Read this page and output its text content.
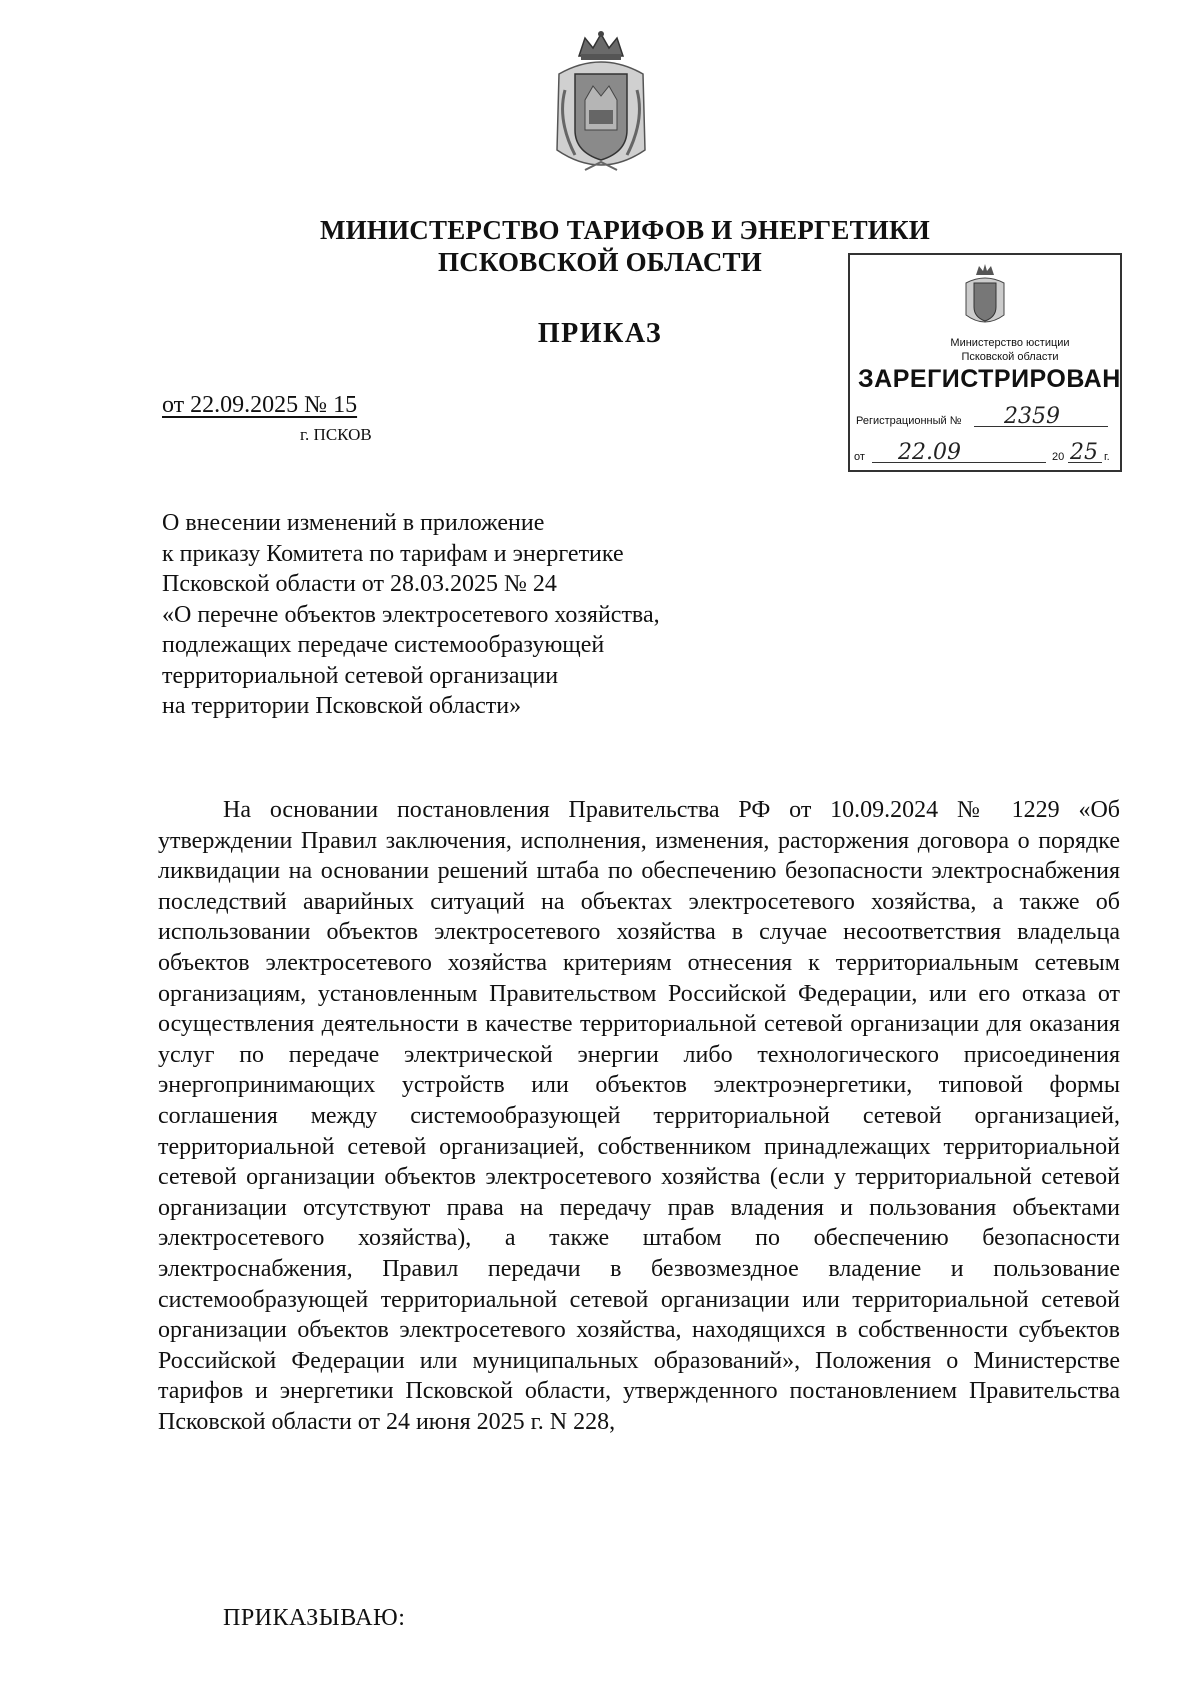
МИНИСТЕРСТВО ТАРИФОВ И ЭНЕРГЕТИКИ
ПСКОВСКОЙ ОБЛАСТИ
ПРИКАЗ
от 22.09.2025 № 15
г. ПСКОВ
Министерство юстиции
Псковской области
ЗАРЕГИСТРИРОВАН
Регистрационный № 2359
от 22.09	20 25 г.
О внесении изменений в приложение
к приказу Комитета по тарифам и энергетике
Псковской области от 28.03.2025 № 24
«О перечне объектов электросетевого хозяйства,
подлежащих передаче системообразующей
территориальной сетевой организации
на территории Псковской области»
На основании постановления Правительства РФ от 10.09.2024 № 1229 «Об утверждении Правил заключения, исполнения, изменения, расторжения договора о порядке ликвидации на основании решений штаба по обеспечению безопасности электроснабжения последствий аварийных ситуаций на объектах электросетевого хозяйства, а также об использовании объектов электросетевого хозяйства в случае несоответствия владельца объектов электросетевого хозяйства критериям отнесения к территориальным сетевым организациям, установленным Правительством Российской Федерации, или его отказа от осуществления деятельности в качестве территориальной сетевой организации для оказания услуг по передаче электрической энергии либо технологического присоединения энергопринимающих устройств или объектов электроэнергетики, типовой формы соглашения между системообразующей территориальной сетевой организацией, территориальной сетевой организацией, собственником принадлежащих территориальной сетевой организации объектов электросетевого хозяйства (если у территориальной сетевой организации отсутствуют права на передачу прав владения и пользования объектами электросетевого хозяйства), а также штабом по обеспечению безопасности электроснабжения, Правил передачи в безвозмездное владение и пользование системообразующей территориальной сетевой организации или территориальной сетевой организации объектов электросетевого хозяйства, находящихся в собственности субъектов Российской Федерации или муниципальных образований», Положения о Министерстве тарифов и энергетики Псковской области, утвержденного постановлением Правительства Псковской области от 24 июня 2025 г. N 228,
ПРИКАЗЫВАЮ:
